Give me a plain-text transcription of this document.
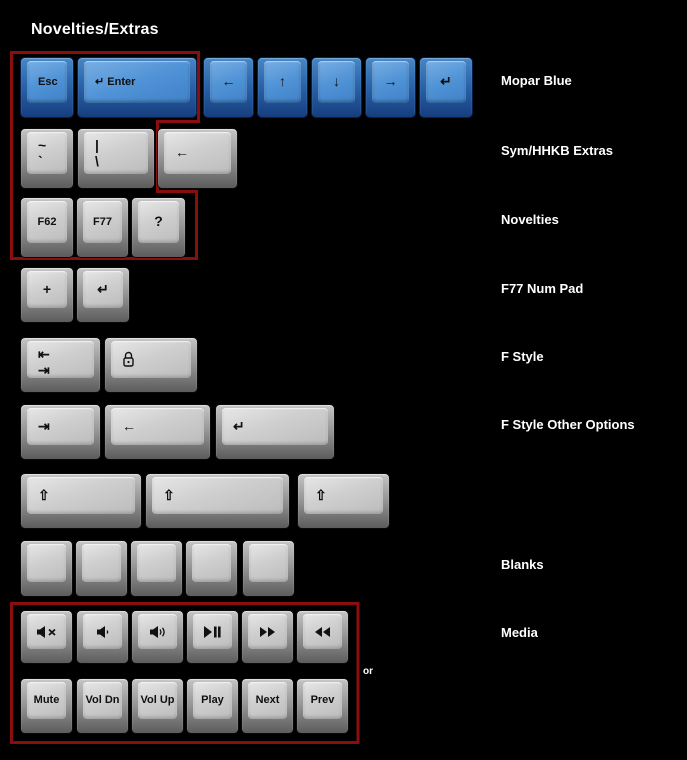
Novelties/Extras
Esc	↵ Enter	←	↑	↓	→	↵
~
`
|
\
←
F62	F77	?
+	↵
⇤
⇥
⇥	←	↵
⇧	⇧	⇧
Mute Vol Dn Vol Up Play	Next	Prev
Mopar Blue
Sym/HHKB Extras
Novelties
F77 Num Pad
F Style
F Style Other Options
Blanks
Media
or
